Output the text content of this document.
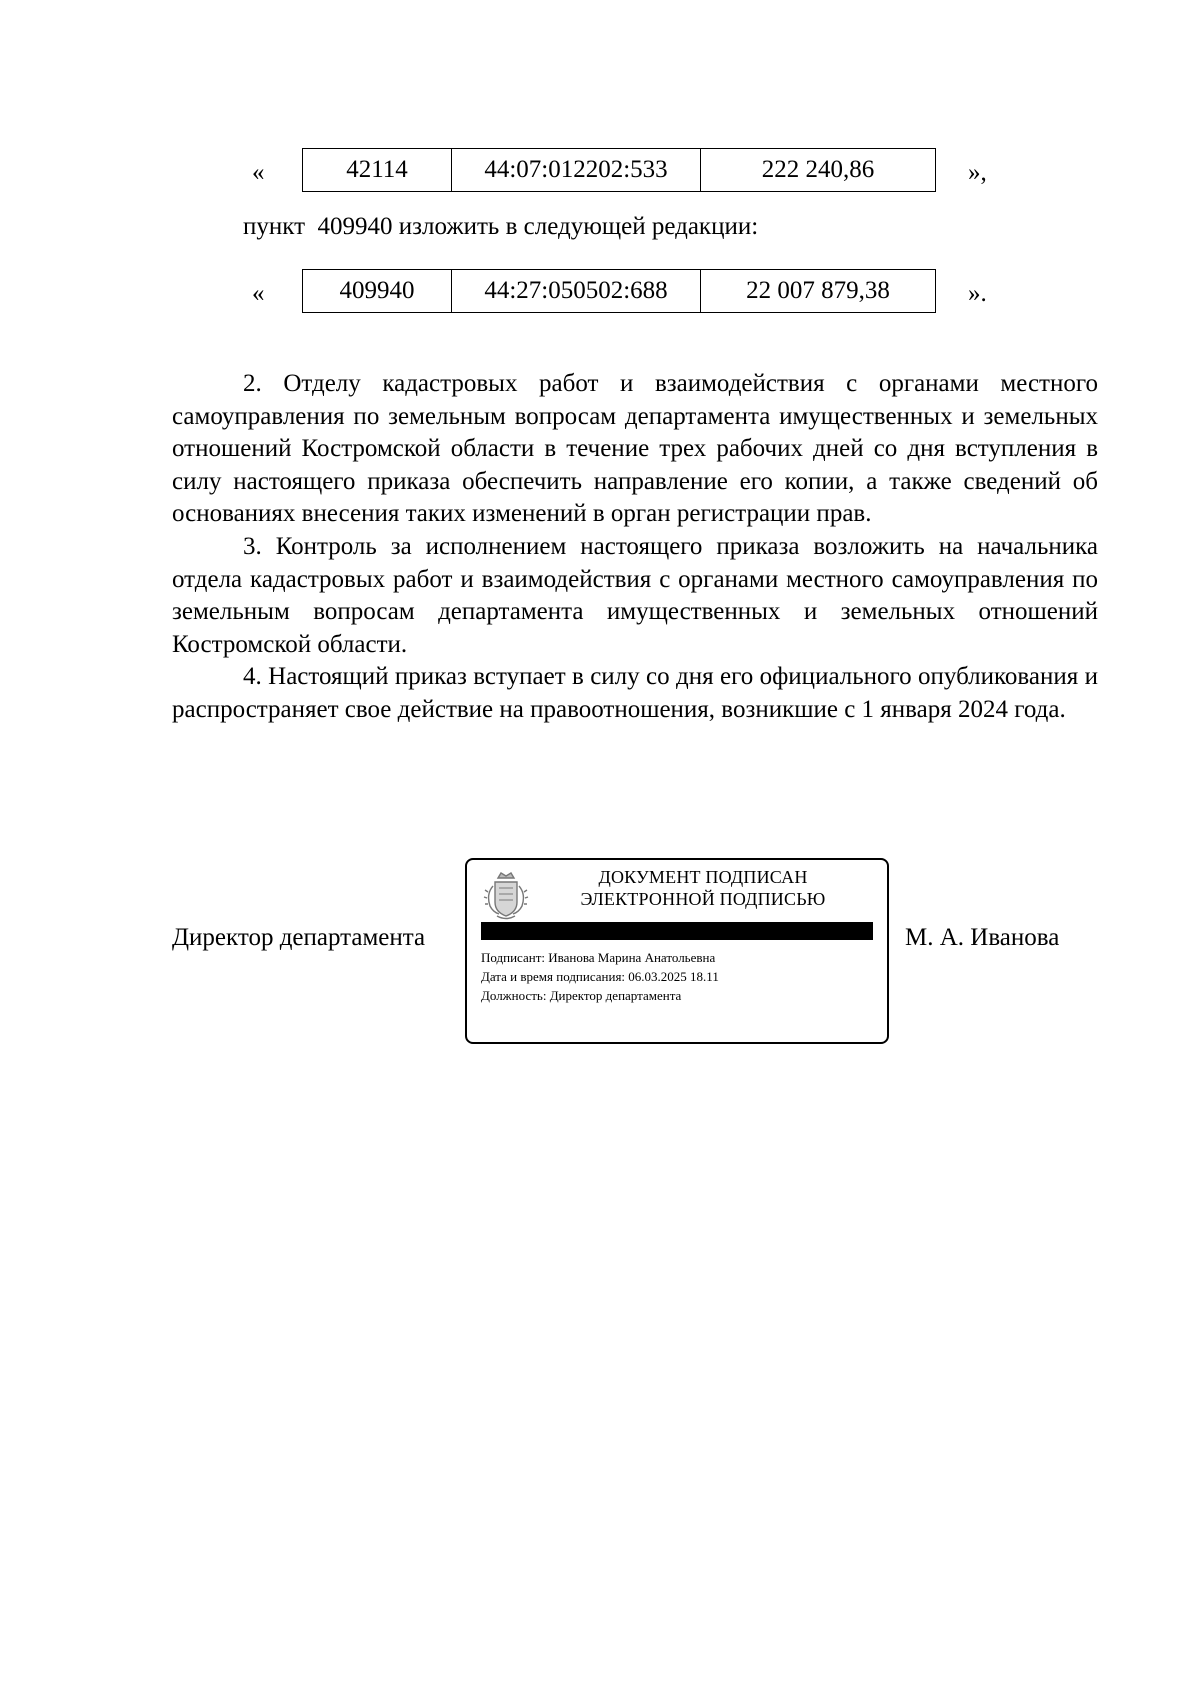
«	42114	44:07:012202:533	222 240,86	»,
пункт  409940 изложить в следующей редакции:
«	409940	44:27:050502:688	22 007 879,38	».

2. Отделу кадастровых работ и взаимодействия с органами местного самоуправления по земельным вопросам департамента имущественных и земельных отношений Костромской области в течение трех рабочих дней со дня вступления в силу настоящего приказа обеспечить направление его копии, а также сведений об основаниях внесения таких изменений в орган регистрации прав.

3. Контроль за исполнением настоящего приказа возложить на начальника отдела кадастровых работ и взаимодействия с органами местного самоуправления по земельным вопросам департамента имущественных и земельных отношений Костромской области.

4. Настоящий приказ вступает в силу со дня его официального опубликования и распространяет свое действие на правоотношения, возникшие с 1 января 2024 года.

Директор департамента
ДОКУМЕНТ ПОДПИСАН
ЭЛЕКТРОННОЙ ПОДПИСЬЮ
Подписант: Иванова Марина Анатольевна
Дата и время подписания: 06.03.2025 18.11
Должность: Директор департамента
М. А. Иванова
